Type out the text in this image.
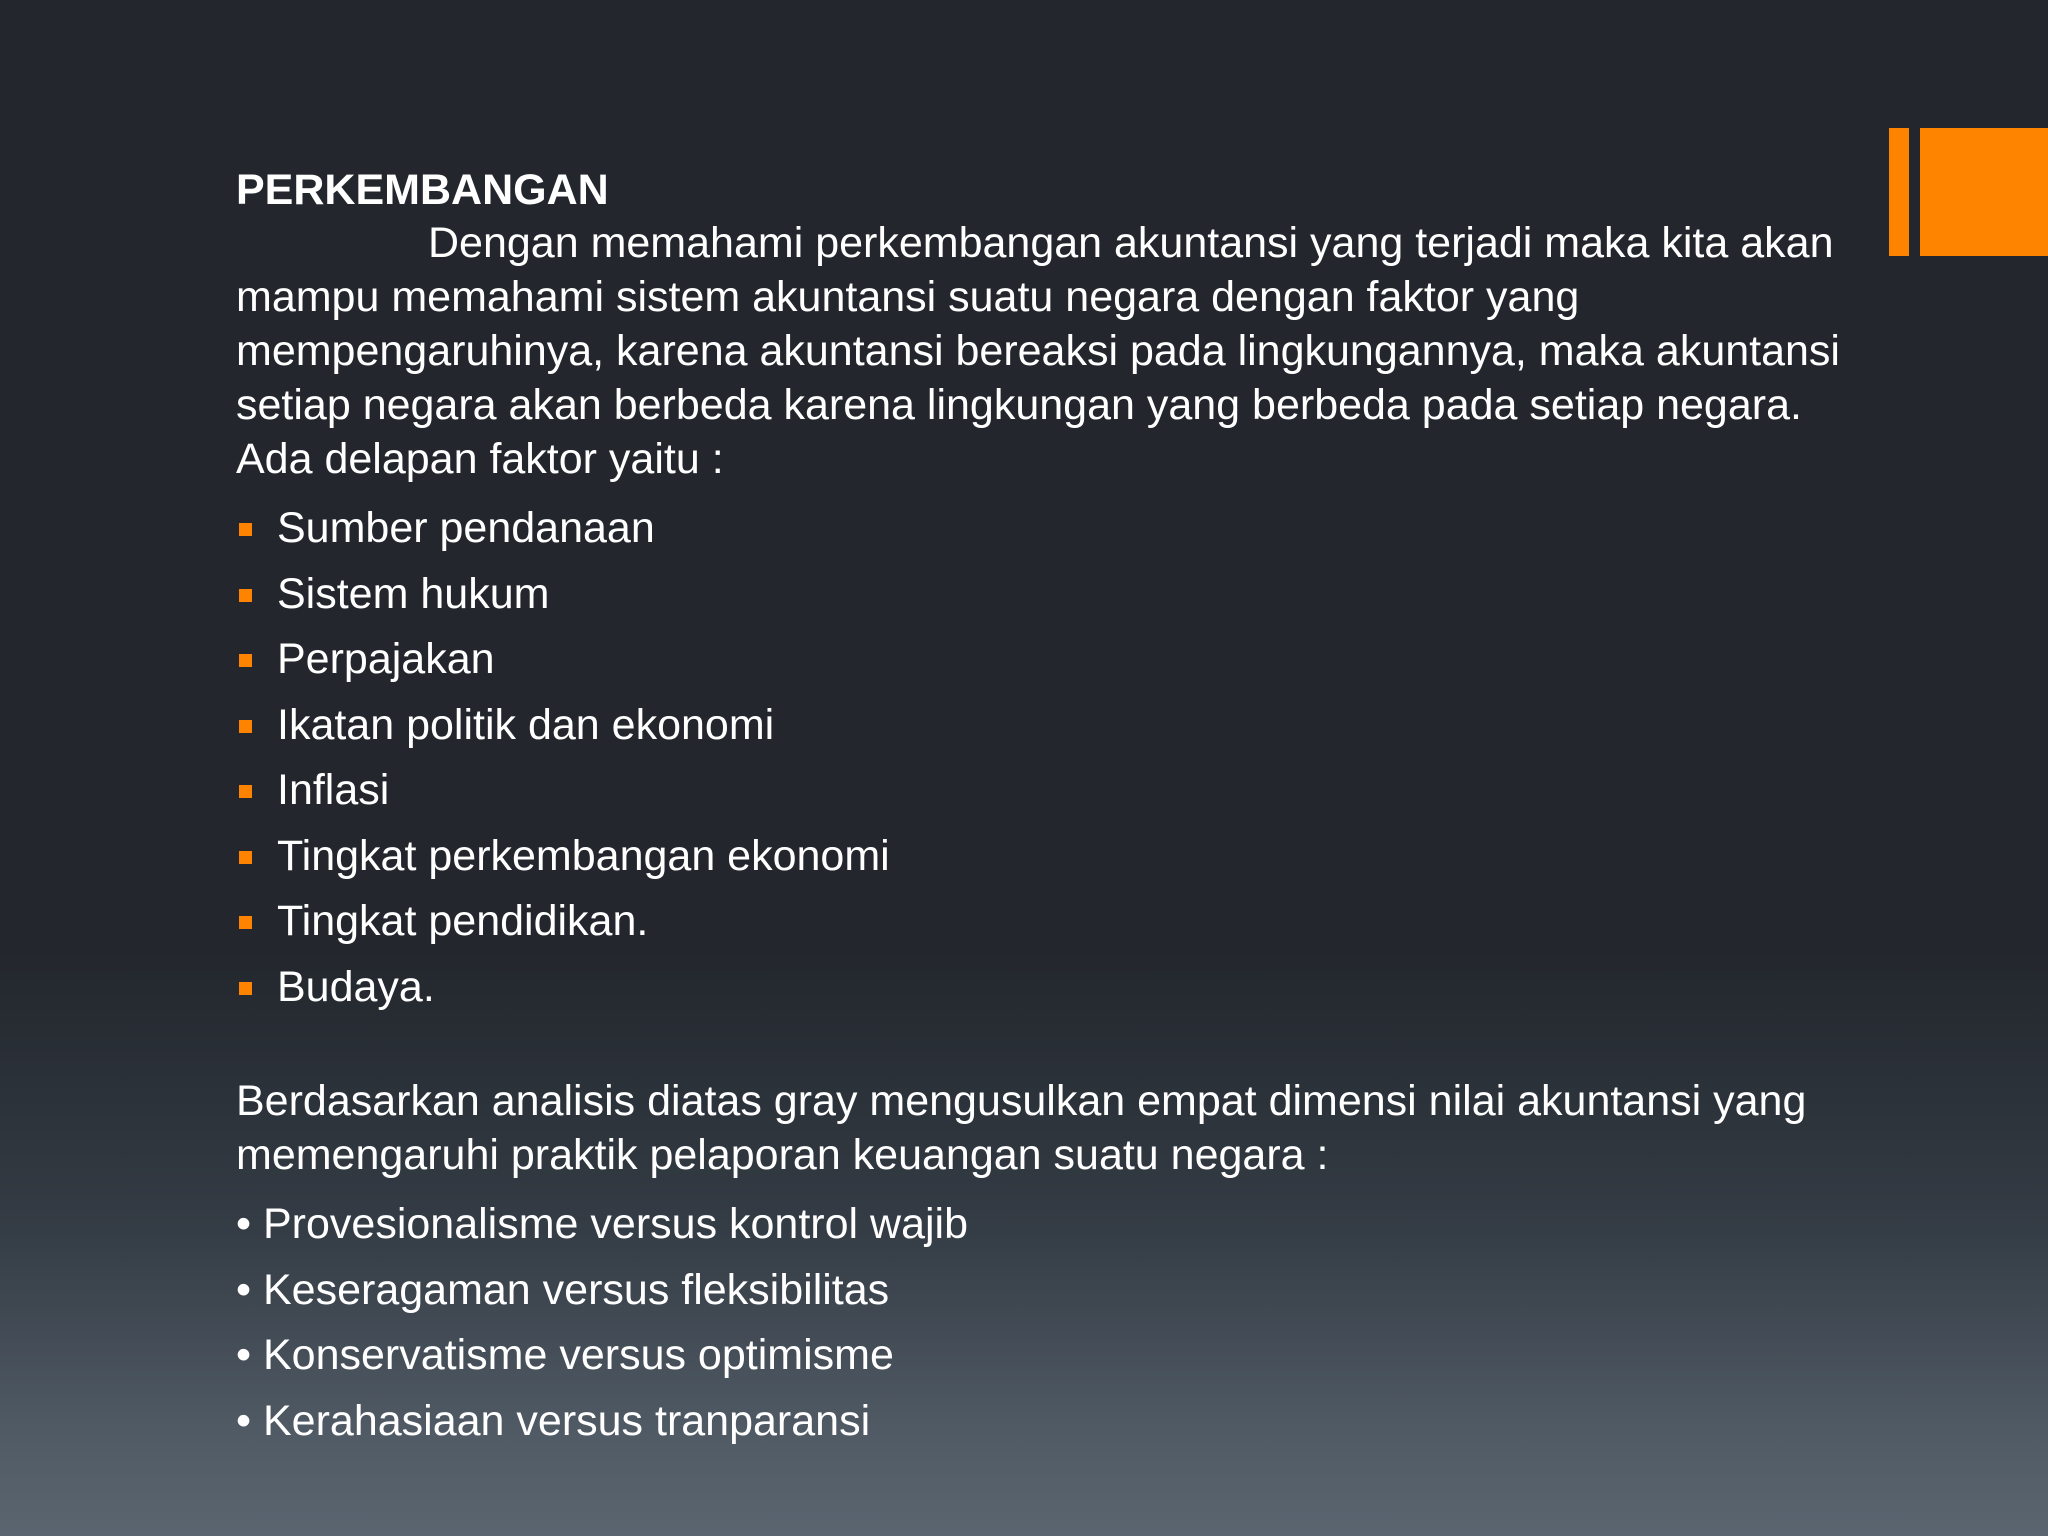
PERKEMBANGAN

Dengan memahami perkembangan akuntansi yang terjadi maka kita akan mampu memahami sistem akuntansi suatu negara dengan faktor yang mempengaruhinya, karena akuntansi bereaksi pada lingkungannya, maka akuntansi setiap negara akan berbeda karena lingkungan yang berbeda pada setiap negara. Ada delapan faktor yaitu :

Sumber pendanaan
Sistem hukum
Perpajakan
Ikatan politik dan ekonomi
Inflasi
Tingkat perkembangan ekonomi
Tingkat pendidikan.
Budaya.

Berdasarkan analisis diatas gray mengusulkan empat dimensi nilai akuntansi yang memengaruhi praktik pelaporan keuangan suatu negara :

• Provesionalisme versus kontrol wajib
• Keseragaman versus fleksibilitas
• Konservatisme versus optimisme
• Kerahasiaan versus tranparansi
